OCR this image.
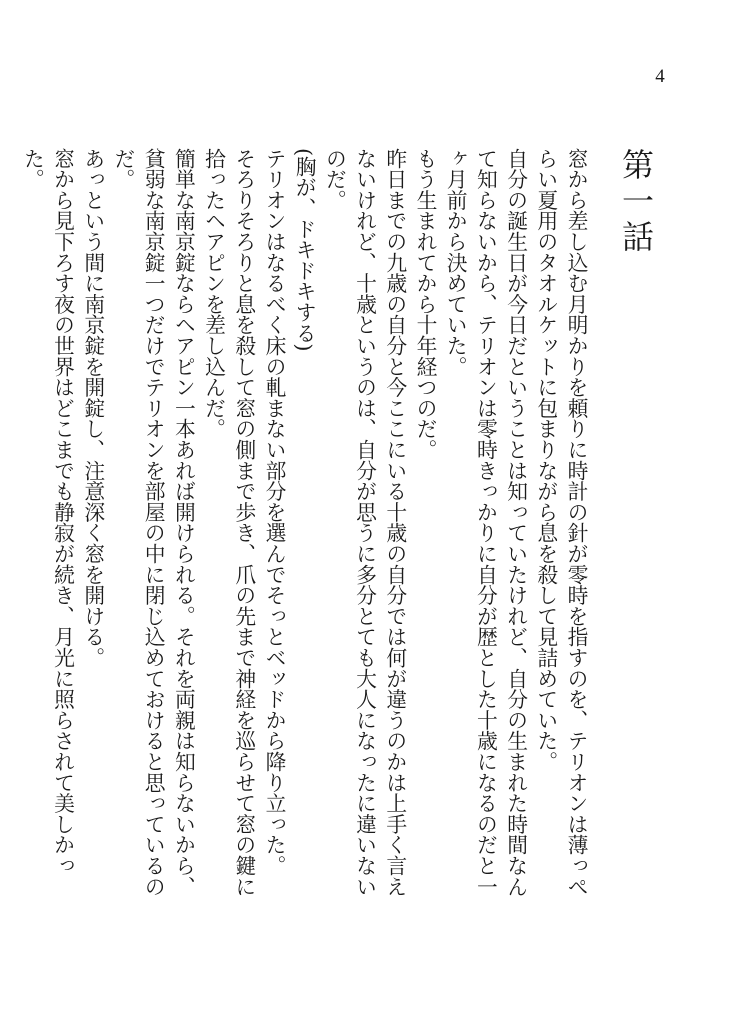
4
第一話

窓から差し込む月明かりを頼りに時計の針が零時を指すのを、テリオンは薄っぺらい夏用のタオルケットに包まりながら息を殺して見詰めていた。

自分の誕生日が今日だということは知っていたけれど、自分の生まれた時間なんて知らないから、テリオンは零時きっかりに自分が歴とした十歳になるのだと一ヶ月前から決めていた。

もう生まれてから十年経つのだ。

昨日までの九歳の自分と今ここにいる十歳の自分では何が違うのかは上手く言えないけれど、十歳というのは、自分が思うに多分とても大人になったに違いないのだ。

(胸が、ドキドキする)

テリオンはなるべく床の軋まない部分を選んでそっとベッドから降り立った。

そろりそろりと息を殺して窓の側まで歩き、爪の先まで神経を巡らせて窓の鍵に拾ったヘアピンを差し込んだ。

簡単な南京錠ならヘアピン一本あれば開けられる。それを両親は知らないから、貧弱な南京錠一つだけでテリオンを部屋の中に閉じ込めておけると思っているのだ。

あっという間に南京錠を開錠し、注意深く窓を開ける。

窓から見下ろす夜の世界はどこまでも静寂が続き、月光に照らされて美しかった。
